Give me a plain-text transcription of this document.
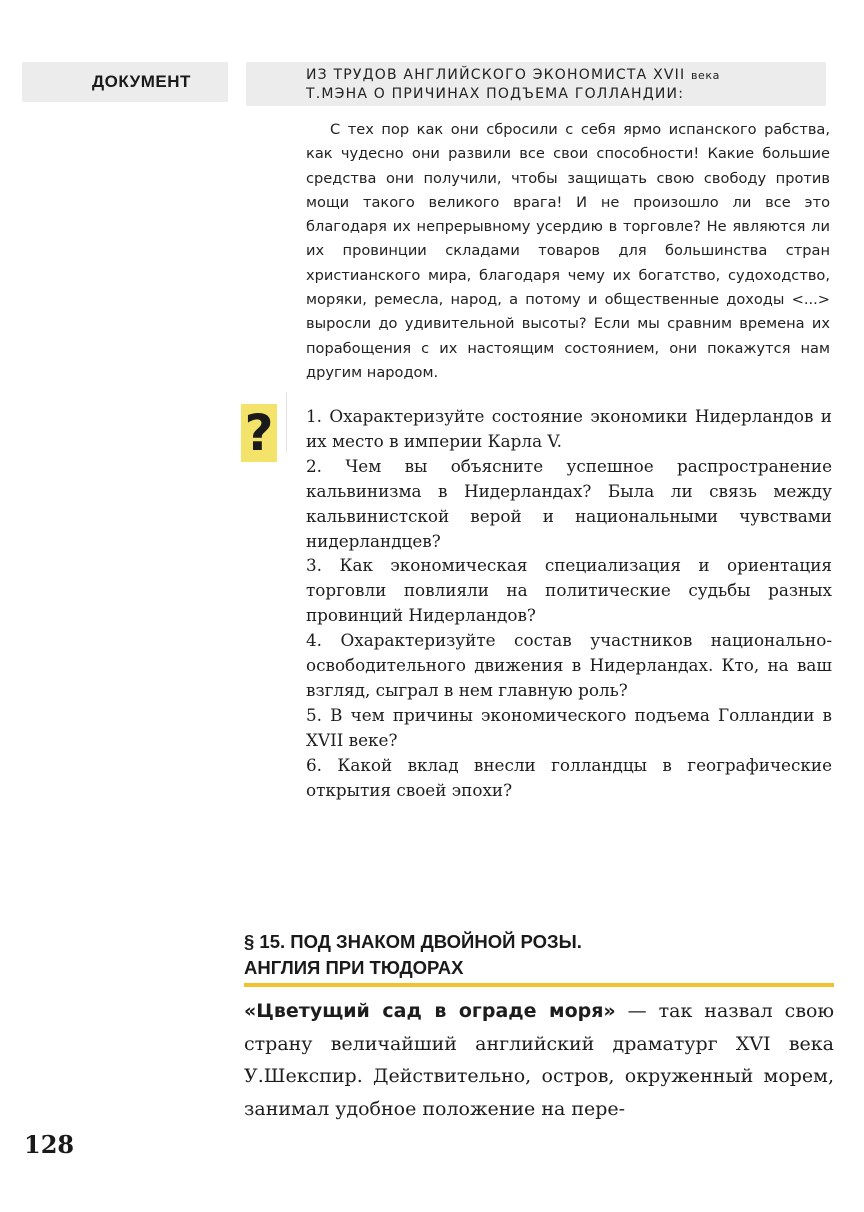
ДОКУМЕНТ	ИЗ ТРУДОВ АНГЛИЙСКОГО ЭКОНОМИСТА XVII века
Т.МЭНА О ПРИЧИНАХ ПОДЪЕМА ГОЛЛАНДИИ:

С тех пор как они сбросили с себя ярмо испанского рабства, как чудесно они развили все свои способности! Какие большие средства они получили, чтобы защищать свою свободу против мощи такого великого врага! И не произошло ли все это благодаря их непрерывному усердию в торговле? Не являются ли их провинции складами товаров для большинства стран христианского мира, благодаря чему их богатство, судоходство, моряки, ремесла, народ, а потому и общественные доходы <...> выросли до удивительной высоты? Если мы сравним времена их порабощения с их настоящим состоянием, они покажутся нам другим народом.

? 1. Охарактеризуйте состояние экономики Нидерландов и их место в империи Карла V.

2. Чем вы объясните успешное распространение кальвинизма в Нидерландах? Была ли связь между кальвинистской верой и национальными чувствами нидерландцев?

3. Как экономическая специализация и ориентация торговли повлияли на политические судьбы разных провинций Нидерландов?

4. Охарактеризуйте состав участников национально-освободительного движения в Нидерландах. Кто, на ваш взгляд, сыграл в нем главную роль?

5. В чем причины экономического подъема Голландии в XVII веке?

6. Какой вклад внесли голландцы в географические открытия своей эпохи?

§ 15. ПОД ЗНАКОМ ДВОЙНОЙ РОЗЫ.
АНГЛИЯ ПРИ ТЮДОРАХ

«Цветущий сад в ограде моря» — так назвал свою страну величайший английский драматург XVI века У.Шекспир. Действительно, остров, окруженный морем, занимал удобное положение на пере-

128
